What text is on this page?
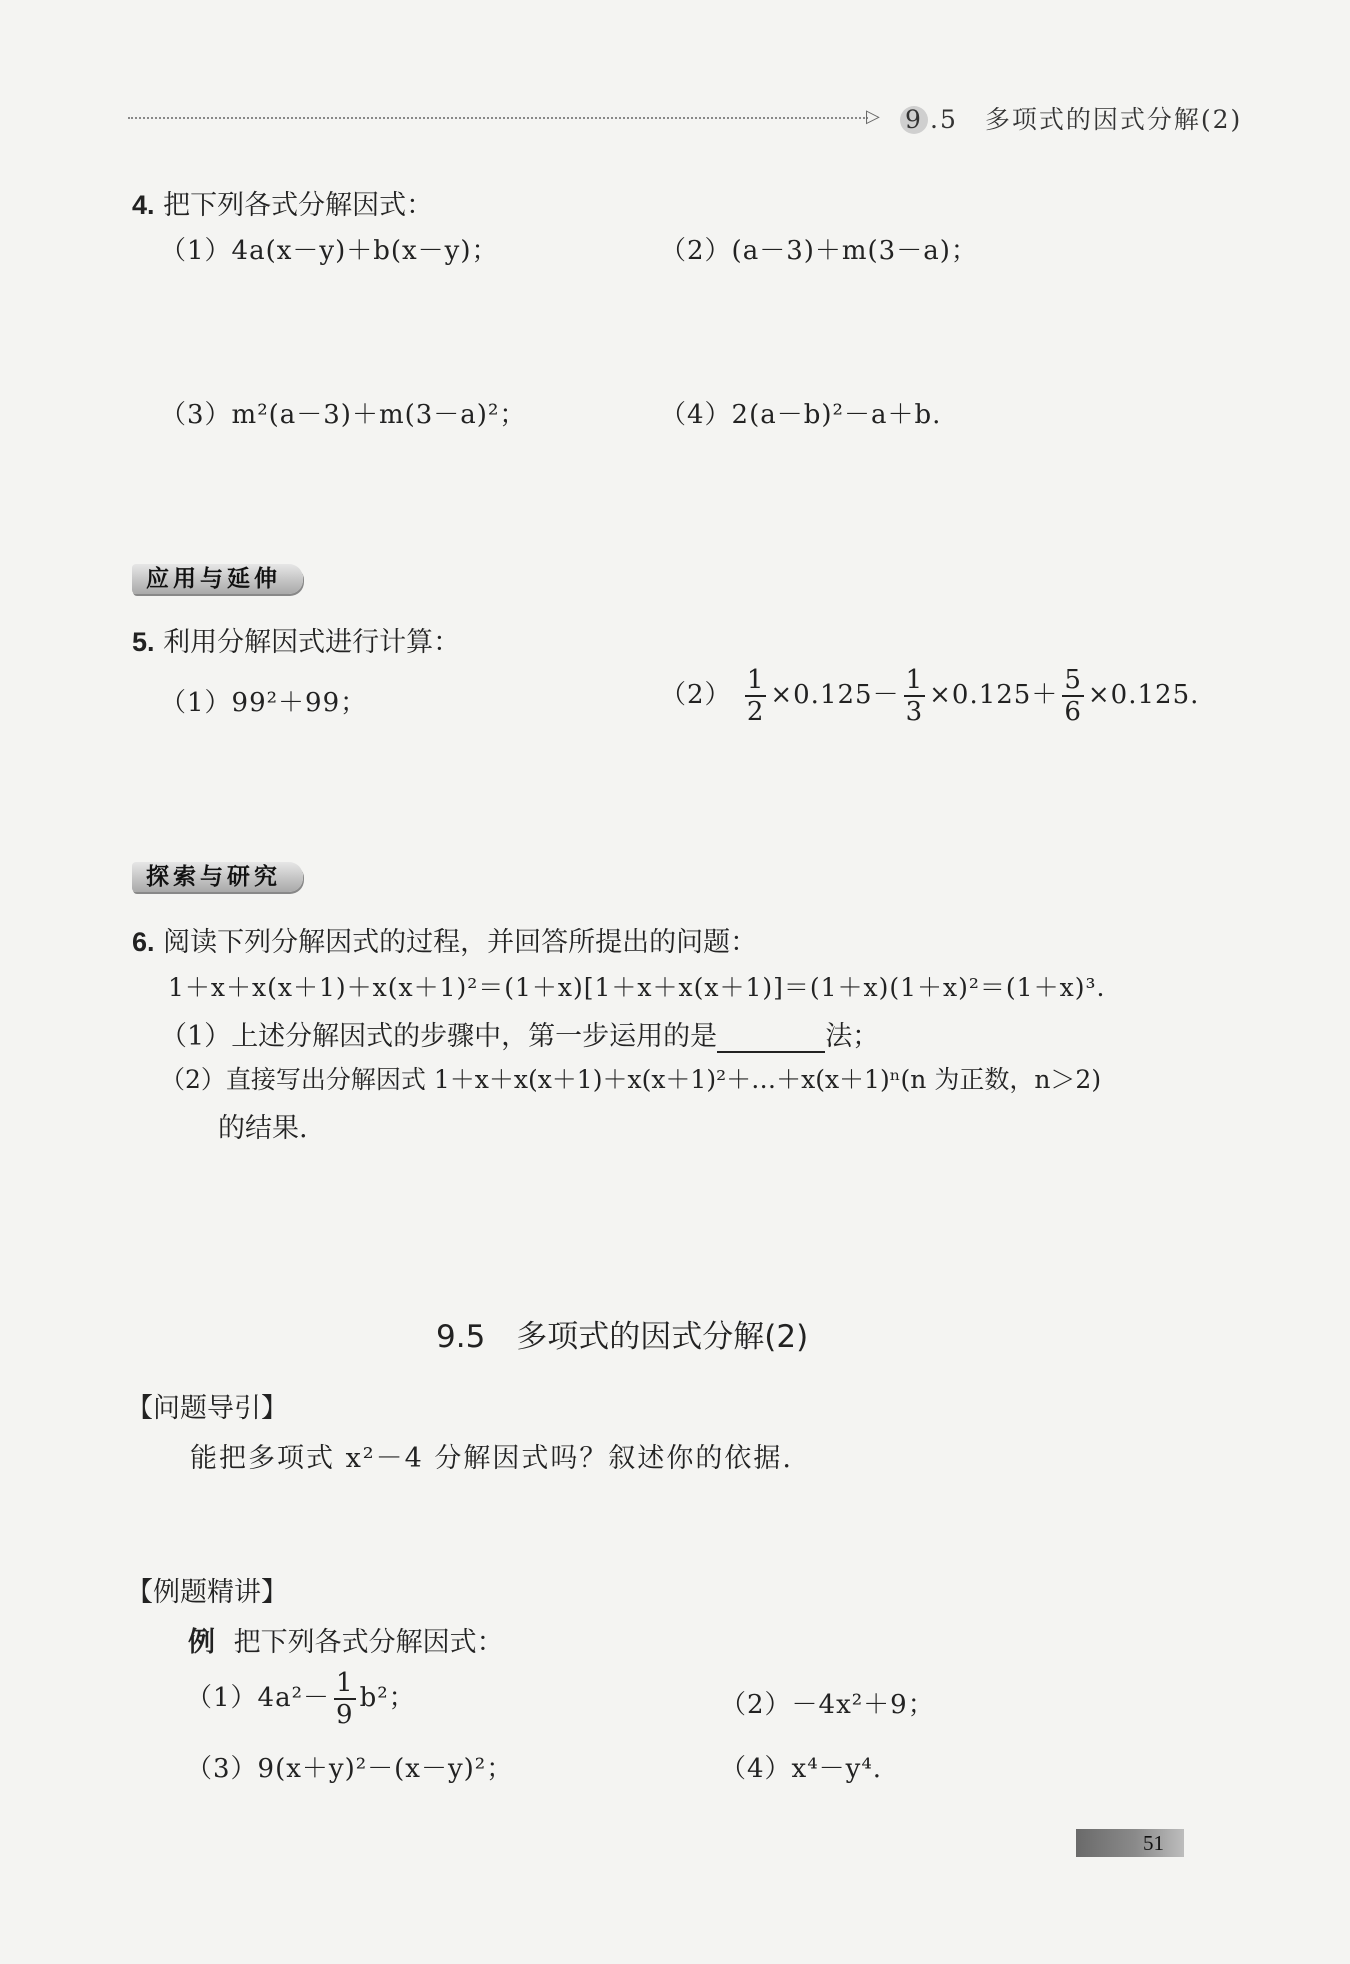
▷ 9 .5　多项式的因式分解(2)
4. 把下列各式分解因式：
（1）4a(x－y)＋b(x－y)；	（2）(a－3)＋m(3－a)；
（3）m²(a－3)＋m(3－a)²；	（4）2(a－b)²－a＋b.
应用与延伸
5. 利用分解因式进行计算：
（1）99²＋99；	$(2) \frac{1}{2} \times 0.125- \frac{1}{3} \times 0.125+ \frac{5}{6} \times 0.125$.
探索与研究
6. 阅读下列分解因式的过程，并回答所提出的问题：
1＋x＋x(x＋1)＋x(x＋1)²＝(1＋x)[1＋x＋x(x＋1)]＝(1＋x)(1＋x)²＝(1＋x)³.
（1）上述分解因式的步骤中，第一步运用的是	法；
（2）直接写出分解因式 1＋x＋x(x＋1)＋x(x＋1)²＋…＋x(x＋1)ⁿ(n 为正数，n＞2)
的结果.
9.5　多项式的因式分解(2)
【问题导引】
能把多项式 x²－4 分解因式吗？叙述你的依据.
【例题精讲】
例 把下列各式分解因式：
$(1)4a^2- \frac{1}{9} b^2$；	（2）－4x²＋9；
（3）9(x＋y)²－(x－y)²；	（4）x⁴－y⁴.
51
